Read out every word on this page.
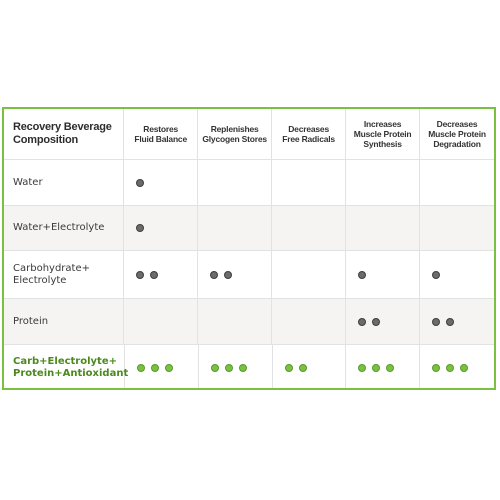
Recovery Beverage
Composition
Restores
Fluid Balance
Replenishes
Glycogen Stores
Decreases
Free Radicals
Increases
Muscle Protein
Synthesis
Decreases
Muscle Protein
Degradation
Water
Water+Electrolyte
Carbohydrate+
Electrolyte
Protein
Carb+Electrolyte+
Protein+Antioxidant
